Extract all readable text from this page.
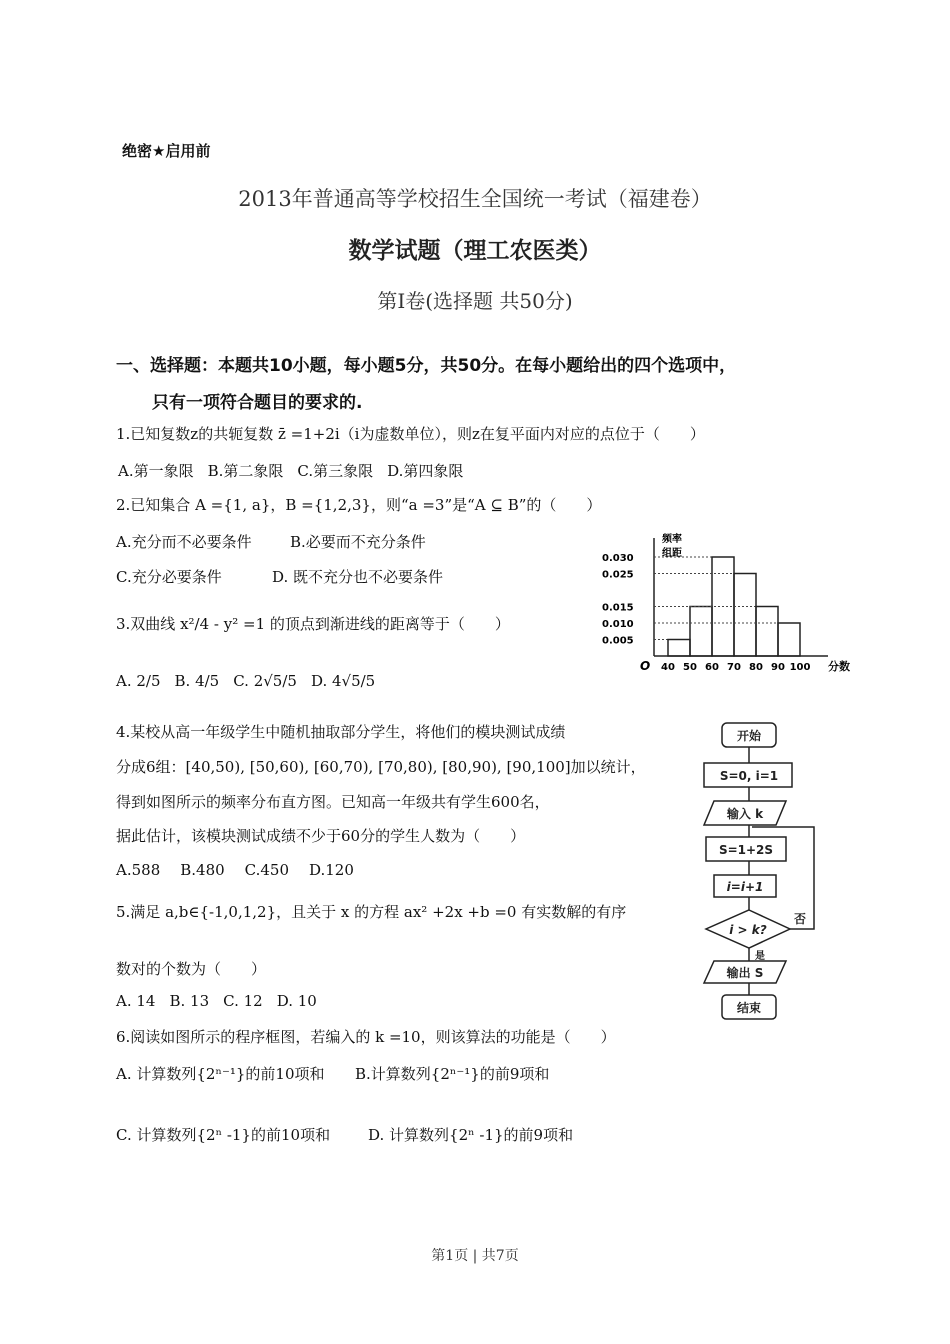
绝密★启用前
2013年普通高等学校招生全国统一考试（福建卷）
数学试题（理工农医类）
第Ⅰ卷(选择题 共50分)
一、选择题：本题共10小题，每小题5分，共50分。在每小题给出的四个选项中，
只有一项符合题目的要求的.
1.已知复数z的共轭复数 z̄ =1+2i（i为虚数单位），则z在复平面内对应的点位于（　　）
A.第一象限 B.第二象限 C.第三象限 D.第四象限
2.已知集合 A ={1, a}，B ={1,2,3}，则“a =3”是“A ⊆ B”的（　　）
A.充分而不必要条件	B.必要而不充分条件
C.充分必要条件	D. 既不充分也不必要条件
3.双曲线 x²/4 - y² =1 的顶点到渐进线的距离等于（　　）
A. 2/5 B. 4/5 C. 2√5/5 D. 4√5/5
4.某校从高一年级学生中随机抽取部分学生，将他们的模块测试成绩
分成6组：[40,50), [50,60), [60,70), [70,80), [80,90), [90,100]加以统计，
得到如图所示的频率分布直方图。已知高一年级共有学生600名，
据此估计，该模块测试成绩不少于60分的学生人数为（　　）
A.588 B.480 C.450 D.120
5.满足 a,b∈{-1,0,1,2}，且关于 x 的方程 ax² +2x +b =0 有实数解的有序
数对的个数为（　　）
A. 14 B. 13 C. 12 D. 10
6.阅读如图所示的程序框图，若编入的 k =10，则该算法的功能是（　　）
A. 计算数列{2ⁿ⁻¹}的前10项和 B.计算数列{2ⁿ⁻¹}的前9项和
C. 计算数列{2ⁿ -1}的前10项和	D. 计算数列{2ⁿ -1}的前9项和
频率
组距
O	分数
0.005
0.010
0.015
0.025
0.030
40 50 60 70 80 90 100
开始
S=0, i=1
输入 k
S=1+2S
i=i+1
i > k?
否
是
输出 S
结束
第1页 | 共7页
